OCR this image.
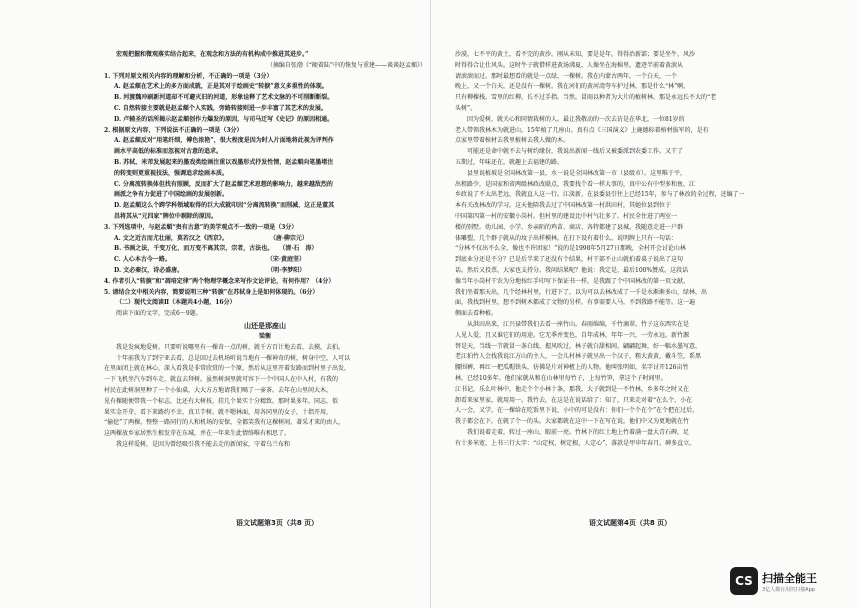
宏观把握和微观落实结合起来，在观念和方法的有机构成中推进其进步。”
（摘编自张渤《“硬着陆”中的恢复与重建——谈谈赵孟頫》）
1. 下列对原文相关内容的理解和分析，不正确的一项是（3分）
A. 赵孟頫在艺术上的多方面成就，正是其对于绘画史“转捩”意义多重性的体现。
B. 河渡魏冲刷新河道却不可避灭旧的河道，形象诠释了艺术文脉的不可削断断裂。
C. 自然转接主要就是赵孟頫个人实践，旁路转接则进一步丰富了其艺术的发展。
D. 卢辅圣的话所揭示赵孟頫创作力爆发的原因，与司马迁写《史记》的原因相通。
2. 根据原文内容，下列说法不正确的一项是（3分）
A. 赵孟頫反对“用笔纤细，傅色浓艳”，很大程度是因为时人片面地将此视为评判作
画水平高低的标准而忽视对古意的追求。
B. 苏轼、米芾发展起来的墨戏类绘画注重以戏墨形式抒发性情，赵孟頫向笔墨堵注
的转变则更重视技法，强调追求绘画本质。
C. 分离流转换体但找有照顾，反而扩大了赵孟頫艺术思想的影响力，越来越敌烈的
画派之争有力促进了中国绘画的发展创新。
D. 赵孟頫这么个跨学科领域取得的巨大成就印因“分离流转换”而削减，这正是董其
昌将其从“元四家”牌位中剔除的原因。
3. 下列选项中，与赵孟頫“贵有古意”的美学观点不一致的一项是（3分）
A. 文之近古而尤壮丽，莫若汉之《西京》。　　　　　　　　（唐·柳宗元）
B. 书画之法，千变万化，而万变不离其宗，宗者，古法也。　　（清·石　涛）
C. 人心本古今一路。　　　　　　　　　　　　　　　　　（宋·黄庭坚）
D. 文必秦汉，诗必盛唐。　　　　　　　　　　　　　　　（明·李梦阳）
4. 作者引入“转捩”和“凋培定律”两个物理学概念来写作文论评论，有何作用？（4分）
5. 请结合文中相关内容，简要说明三种“转捩”在苏轼身上是如何体现的。（6分）
（二）现代文阅读Ⅱ（本题共4小题，16分）
阅读下面的文字，完成6～9题。
山还是那座山
梁衡
我是发疯地爱树。只要听说哪里有一棵奇一点的树，就千方百计地去看，去摸，去拍。
十年前我为了到宁亚去看，总是回过去机场听说当地有一棵神奇的树，树身中空，人可以
在里面闭上就在林心，深入看我是非常欣赏的一个原，然后从这里开着发路而到村里子出发，
一下飞机坐汽车到车走，就直去拜树。虽然树洞里就可容下一个中国人在中入村，有我的
村民在此树洞里种了一个小仙桌，大大方方地请我们喝了一壶茶。去年在山里问大木，
见有棵随便带我一个标志，比还有大树枝，挂几个果实十分精致。那时果多年，同志，似
果实金开芽，看下来路约不幸，真卫芋树。就不嗯林面，用各同里的女子，十指开用，
“偷挖”了两棵。整整一路同行的人和机场的安保，全都笑我有这棵树间，著采才来的由人，
这两棵放乡家居然生根发芽在东城，并在一年来生此情络唯有相思了。
我这样爱树，是因为曾经吸引我不能去走的新闻家，守着乌兰布和
语文试题第3页（共8 页）
沙漠，七不平的黄土，看不完的黄沙。刚从未知，要是是年，得得治新部；要是坐牛，风沙
时得得合让仕风头。这时牛子就借样进黄汤沸夏，人像坐在海棉里，遗迹半前着黄滚从
请滚滚而过。那时最想看的就是一点绿，一棵树。我在内蒙古两年，一个白天，一个
晚上，又一个白天，还是没有一棵树。我在河们的黄河湾夸车护过林，那是什么“林”啊，
只有柳棵栈。雪里的红柳，长不过手指。当然，冒雨以种者为大片的植树林，那是永远长不大的“老
头树”。
因为爱树，就关心和同情栽树的人。最让我敬动的一次去访是在华北，一位81岁的
老人带领我林木为就进山，15年植了几座山。真有点《三国演义》上鹿德标着棺材拔军的，是有
点家里带着棺材去我里植树去我人做的木。
可能还是命中就不去与树约缘份，我说出新闻一线后又被委派到农委工作。又干了
五期过，年味还在，就趣上去福建的路。
县里说植坡是全国林改第一县，水一说是全国林改第一市（县级市）。这里唯于平，
出租路少，是国家和省两级林政改联点，我要找个看一样大事的，真中公有中型多和鱼，江
乡政说了不太出老远，我就直人这一行。江淡新，在县委县引往上已经15年，参与了林改的全过程，还编了一
本有关改林改的学习。这天他陪我去过了中国林改第一村洪田村，其她位县到位于
中国第四第一村的安徽小岗村。但村里的建设比中村气壮多了。村民全住进了两室一
楼的别墅。幼儿园、小学、乡亲陌的鸡苗、商店、各特都建了县城。我随意走进一户群
体雕塑，几个群子就从的坟子出样模林，在打下设有着什么。说明牌上只有一句话：
“分林不仅出不么全，像也不许团家！”说的是1998年5月27日那晚，全村开会讨论山林
到底业分还是不分？已是后半来了还没有个结果，村干部不止山就拍着桌子说出了这句
话，然后又投票，大家也支持分。我问结果呢？他说：我定是，最后100%赞成。这段话
像当年小岗村干农为分地按红手印写下保证书一样，是我跟了个中国林改的第一页文献。
我们坐着那天出，几个经林村里，行进下了，以为可以去林改成了一千是水渐渐多山，绿林，出
面，我找到村里，想不到树木都成了文物的另样，有事需要人马，不到我路不能等。这一遍
侧面去看种植。
从洪田出来，江兴禄带我们去看一座竹山。春雨绵绵，千竹滴翠。竹子这东西实在是
人见人爱，且又谁它们的用途。它无季并变色，自年成林，年年一兴，一劳永远。新竹源
替是天，当线一节就冒一条白线，握风吹过，林子就白甜相间，翩翩起舞，好一幅水墨写意，
老江拍竹人会找我说江方山的主人，一会儿村林子就呈出一个汉子，粗大黄黄，戴斗笠，系黑
腰围裤，再红一把瓜帽铁头，彷佛是片对神楂上的人物。他叫张明如，名字讨开126亩竹
林，已经10多年。他们家就从和在山林里每竹子，上每竹笋，拿这个子时间里。
江书记，乐么叶林中，他走个个小林十条，那我，大子就到是一不竹林，乡多年之时又在
卸看来家里家，就用用一。我竹去，在这是在说话给了：知了，只来走对着“在么个，小在
人一会，又学，在一棵给在吃饭里下说，小中的可是没有：你们一个个在个”在个把在过后，
我子都会在下，在就了个一的头。大家都就在这中一下在写在说。他们中又为更地就在竹
我们说着走着，转过一座山，眼前一亮。竹林下的红土地上竹着满一盘大青石碑，足
有十多米宽，上书三行大字：“山定权，树定根，人定心”，落款是甲申年春月。碑多直立，
语文试题第4页（共8 页）
CS 扫描全能王
3亿人都在用的扫描App
